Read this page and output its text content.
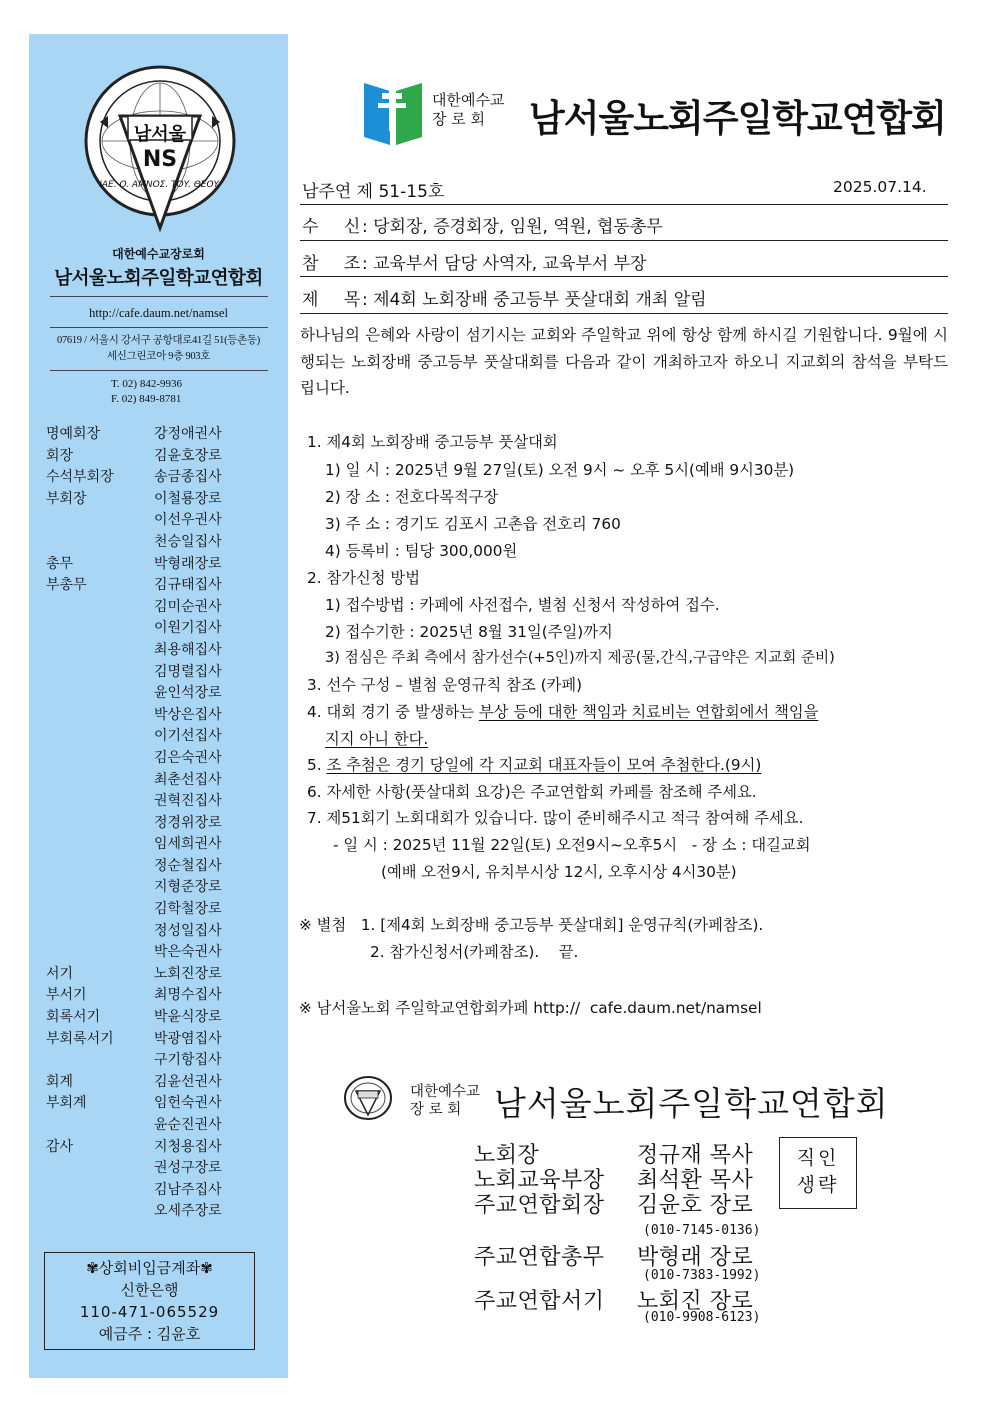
남서울
NS
IAE. O. AMNOΣ. TOY. ΘEOY.
대한예수교장로회
남서울노회주일학교연합회
http://cafe.daum.net/namsel
07619 / 서울시 강서구 공항대로41길 51(등촌동)
세신그린코아 9층 903호
T. 02) 842-9936
F. 02) 849-8781
명예회장	강정애권사
회장	김윤호장로
수석부회장	송금종집사
부회장	이철룡장로
이선우권사
천승일집사
총무	박형래장로
부총무	김규태집사
김미순권사
이원기집사
최용해집사
김명렬집사
윤인석장로
박상은집사
이기선집사
김은숙권사
최춘선집사
권혁진집사
정경위장로
임세희권사
정순철집사
지형준장로
김학철장로
정성일집사
박은숙권사
서기	노회진장로
부서기	최명수집사
회록서기	박윤식장로
부회록서기	박광염집사
구기항집사
회계	김윤선권사
부회계	임헌숙권사
윤순진권사
감사	지청용집사
권성구장로
김남주집사
오세주장로
✾상회비입금계좌✾
신한은행
110-471-065529
예금주 : 김윤호
대한예수교
장 로 회	남서울노회주일학교연합회
남주연 제 51-15호	2025.07.14.
수 신: 당회장, 증경회장, 임원, 역원, 협동총무
참 조: 교육부서 담당 사역자, 교육부서 부장
제 목: 제4회 노회장배 중고등부 풋살대회 개최 알림
하나님의 은혜와 사랑이 섬기시는 교회와 주일학교 위에 항상 함께 하시길 기원합니다. 9월에 시행되는 노회장배 중고등부 풋살대회를 다음과 같이 개최하고자 하오니 지교회의 참석을 부탁드립니다.
1. 제4회 노회장배 중고등부 풋살대회
1) 일 시 : 2025년 9월 27일(토) 오전 9시 ~ 오후 5시(예배 9시30분)
2) 장 소 : 전호다목적구장
3) 주 소 : 경기도 김포시 고촌읍 전호리 760
4) 등록비 : 팀당 300,000원
2. 참가신청 방법
1) 접수방법 : 카페에 사전접수, 별첨 신청서 작성하여 접수.
2) 접수기한 : 2025년 8월 31일(주일)까지
3) 점심은 주최 측에서 참가선수(+5인)까지 제공(물,간식,구급약은 지교회 준비)
3. 선수 구성 – 별첨 운영규칙 참조 (카페)
4. 대회 경기 중 발생하는 부상 등에 대한 책임과 치료비는 연합회에서 책임을
지지 아니 한다.
5. 조 추첨은 경기 당일에 각 지교회 대표자들이 모여 추첨한다.(9시)
6. 자세한 사항(풋살대회 요강)은 주교연합회 카페를 참조해 주세요.
7. 제51회기 노회대회가 있습니다. 많이 준비해주시고 적극 참여해 주세요.
- 일 시 : 2025년 11월 22일(토) 오전9시~오후5시   - 장 소 : 대길교회
(예배 오전9시, 유치부시상 12시, 오후시상 4시30분)
※ 별첨   1. [제4회 노회장배 중고등부 풋살대회] 운영규칙(카페참조).
2. 참가신청서(카페참조).    끝.
※ 남서울노회 주일학교연합회카페 http://  cafe.daum.net/namsel
대한예수교
장 로 회 남서울노회주일학교연합회
노회장	정규재 목사
노회교육부장 최석환 목사
주교연합회장 김윤호 장로
(010-7145-0136)
주교연합총무 박형래 장로
(010-7383-1992)
주교연합서기 노회진 장로
(010-9908-6123)
직인
생략
